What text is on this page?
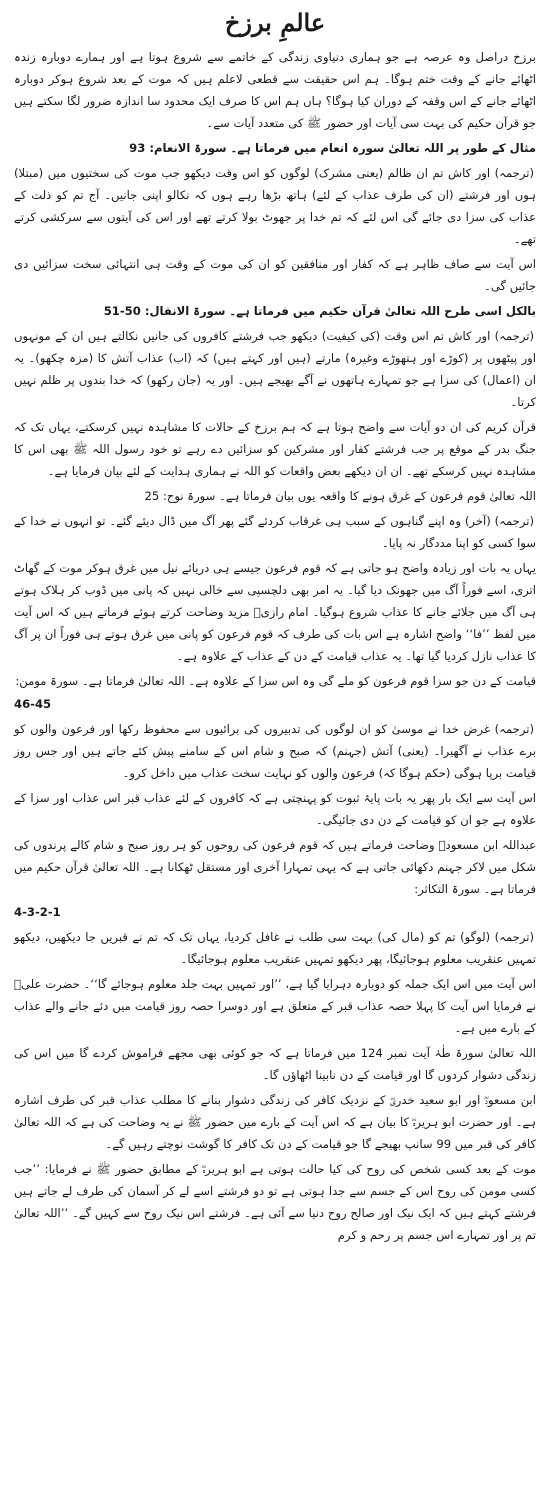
عالمِ برزخ

برزخ دراصل وہ عرصہ ہے جو ہماری دنیاوی زندگی کے خاتمے سے شروع ہوتا ہے اور ہمارے دوبارہ زندہ اٹھائے جانے کے وقت ختم ہوگا۔ ہم اس حقیقت سے قطعی لاعلم ہیں کہ موت کے بعد شروع ہوکر دوبارہ اٹھائے جانے کے اس وقفہ کے دوران کیا ہوگا؟ ہاں ہم اس کا صرف ایک محدود سا اندازہ ضرور لگا سکتے ہیں جو قرآن حکیم کی بہت سی آیات اور حضور ﷺ کی متعدد آیات سے۔

مثال کے طور پر اللہ تعالیٰ سورہ انعام میں فرماتا ہے۔ سورۃ الانعام: 93

(ترجمہ) اور کاش تم ان ظالم (یعنی مشرک) لوگوں کو اس وقت دیکھو جب موت کی سختیوں میں (مبتلا) ہوں اور فرشتے (ان کی طرف عذاب کے لئے) ہاتھ بڑھا رہے ہوں کہ نکالو اپنی جانیں۔ آج تم کو ذلت کے عذاب کی سزا دی جائے گی اس لئے کہ تم خدا پر جھوٹ بولا کرتے تھے اور اس کی آیتوں سے سرکشی کرتے تھے۔

اس آیت سے صاف ظاہر ہے کہ کفار اور منافقین کو ان کی موت کے وقت ہی انتہائی سخت سزائیں دی جائیں گی۔

بالکل اسی طرح اللہ تعالیٰ قرآن حکیم میں فرماتا ہے۔ سورۃ الانفال: 50-51

(ترجمہ) اور کاش تم اس وقت (کی کیفیت) دیکھو جب فرشتے کافروں کی جانیں نکالتے ہیں ان کے مونہوں اور پیٹھوں پر (کوڑے اور ہتھوڑے وغیرہ) مارتے (ہیں اور کہتے ہیں) کہ (اب) عذاب آتش کا (مزہ چکھو)۔ یہ ان (اعمال) کی سزا ہے جو تمہارے ہاتھوں نے آگے بھیجے ہیں۔ اور یہ (جان رکھو) کہ خدا بندوں پر ظلم نہیں کرتا۔

قرآن کریم کی ان دو آیات سے واضح ہوتا ہے کہ ہم برزخ کے حالات کا مشاہدہ نہیں کرسکتے، یہاں تک کہ جنگ بدر کے موقع پر جب فرشتے کفار اور مشرکین کو سزائیں دے رہے تو خود رسول اللہ ﷺ بھی اس کا مشاہدہ نہیں کرسکے تھے۔ ان ان دیکھے بعض واقعات کو اللہ نے ہماری ہدایت کے لئے بیان فرمایا ہے۔

اللہ تعالیٰ قوم فرعون کے غرق ہونے کا واقعہ یوں بیان فرماتا ہے۔ سورۃ نوح: 25

(ترجمہ) (آخر) وہ اپنے گناہوں کے سبب ہی غرقاب کردئے گئے پھر آگ میں ڈال دیئے گئے۔ تو انہوں نے خدا کے سوا کسی کو اپنا مددگار نہ پایا۔

یہاں یہ بات اور زیادہ واضح ہو جاتی ہے کہ قوم فرعون جیسے ہی دریائے نیل میں غرق ہوکر موت کے گھاٹ اتری، اسے فوراً آگ میں جھونک دیا گیا۔ یہ امر بھی دلچسپی سے خالی نہیں کہ پانی میں ڈوب کر ہلاک ہوتے ہی آگ میں جلائے جانے کا عذاب شروع ہوگیا۔ امام رازیؒ مزید وضاحت کرتے ہوئے فرماتے ہیں کہ اس آیت میں لفظ ’’فا‘‘ واضح اشارہ ہے اس بات کی طرف کہ قوم فرعون کو پانی میں غرق ہوتے ہی فوراً ان پر آگ کا عذاب نازل کردیا گیا تھا۔ یہ عذاب قیامت کے دن کے عذاب کے علاوہ ہے۔

قیامت کے دن جو سزا قوم فرعون کو ملے گی وہ اس سزا کے علاوہ ہے۔ اللہ تعالیٰ فرماتا ہے۔ سورۃ مومن:

46-45

(ترجمہ) غرض خدا نے موسیٰ کو ان لوگوں کی تدبیروں کی برائیوں سے محفوظ رکھا اور فرعون والوں کو برے عذاب نے آگھیرا۔ (یعنی) آتش (جہنم) کہ صبح و شام اس کے سامنے پیش کئے جاتے ہیں اور جس روز قیامت برپا ہوگی (حکم ہوگا کہ) فرعون والوں کو نہایت سخت عذاب میں داخل کرو۔

اس آیت سے ایک بار پھر یہ بات پایۂ ثبوت کو پہنچتی ہے کہ کافروں کے لئے عذاب قبر اس عذاب اور سزا کے علاوہ ہے جو ان کو قیامت کے دن دی جائیگی۔

عبداللہ ابن مسعودؓ وضاحت فرماتے ہیں کہ قوم فرعون کی روحوں کو ہر روز صبح و شام کالے پرندوں کی شکل میں لاکر جہنم دکھائی جاتی ہے کہ یہی تمہارا آخری اور مستقل ٹھکانا ہے۔ اللہ تعالیٰ قرآن حکیم میں فرماتا ہے۔ سورۃ التکاثر:

4-3-2-1

(ترجمہ) (لوگو) تم کو (مال کی) بہت سی طلب نے غافل کردیا، یہاں تک کہ تم نے قبریں جا دیکھیں، دیکھو تمہیں عنقریب معلوم ہوجائیگا، پھر دیکھو تمہیں عنقریب معلوم ہوجائیگا۔

اس آیت میں اس ایک جملہ کو دوبارہ دہرایا گیا ہے، ’’اور تمہیں بہت جلد معلوم ہوجائے گا‘‘۔ حضرت علیؓ نے فرمایا اس آیت کا پہلا حصہ عذاب قبر کے متعلق ہے اور دوسرا حصہ روز قیامت میں دئے جانے والے عذاب کے بارے میں ہے۔

اللہ تعالیٰ سورۃ طٰہٰ آیت نمبر 124 میں فرماتا ہے کہ جو کوئی بھی مجھے فراموش کردے گا میں اس کی زندگی دشوار کردوں گا اور قیامت کے دن نابینا اٹھاؤں گا۔

ابن مسعودؓ اور ابو سعید خدریؓ کے نزدیک کافر کی زندگی دشوار بنانے کا مطلب عذاب قبر کی طرف اشارہ ہے۔ اور حضرت ابو ہریرہؓ کا بیان ہے کہ اس آیت کے بارے میں حضور ﷺ نے یہ وضاحت کی ہے کہ اللہ تعالیٰ کافر کی قبر میں 99 سانپ بھیجے گا جو قیامت کے دن تک کافر کا گوشت نوچتے رہیں گے۔

موت کے بعد کسی شخص کی روح کی کیا حالت ہوتی ہے ابو ہریرہؓ کے مطابق حضور ﷺ نے فرمایا: ’’جب کسی مومن کی روح اس کے جسم سے جدا ہوتی ہے تو دو فرشتے اسے لے کر آسمان کی طرف لے جاتے ہیں فرشتے کہتے ہیں کہ ایک نیک اور صالح روح دنیا سے آئی ہے۔ فرشتے اس نیک روح سے کہیں گے۔ ’’اللہ تعالیٰ تم پر اور تمہارے اس جسم پر رحم و کرم
